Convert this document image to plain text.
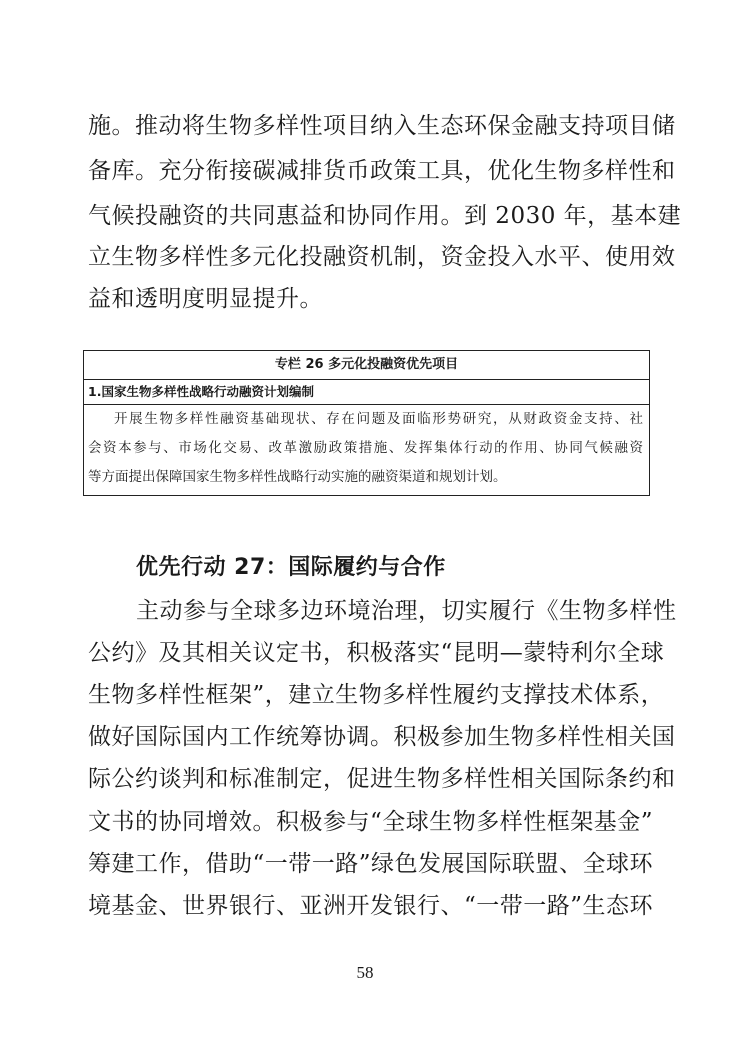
施。推动将生物多样性项目纳入生态环保金融支持项目储
备库。充分衔接碳减排货币政策工具，优化生物多样性和
气候投融资的共同惠益和协同作用。到 2030 年，基本建
立生物多样性多元化投融资机制，资金投入水平、使用效
益和透明度明显提升。
专栏 26 多元化投融资优先项目
1.国家生物多样性战略行动融资计划编制
开展生物多样性融资基础现状、存在问题及面临形势研究，从财政资金支持、社
会资本参与、市场化交易、改革激励政策措施、发挥集体行动的作用、协同气候融资
等方面提出保障国家生物多样性战略行动实施的融资渠道和规划计划。
优先行动 27：国际履约与合作
主动参与全球多边环境治理，切实履行《生物多样性
公约》及其相关议定书，积极落实“昆明—蒙特利尔全球
生物多样性框架”，建立生物多样性履约支撑技术体系，
做好国际国内工作统筹协调。积极参加生物多样性相关国
际公约谈判和标准制定，促进生物多样性相关国际条约和
文书的协同增效。积极参与“全球生物多样性框架基金”
筹建工作，借助“一带一路”绿色发展国际联盟、全球环
境基金、世界银行、亚洲开发银行、“一带一路”生态环
58
